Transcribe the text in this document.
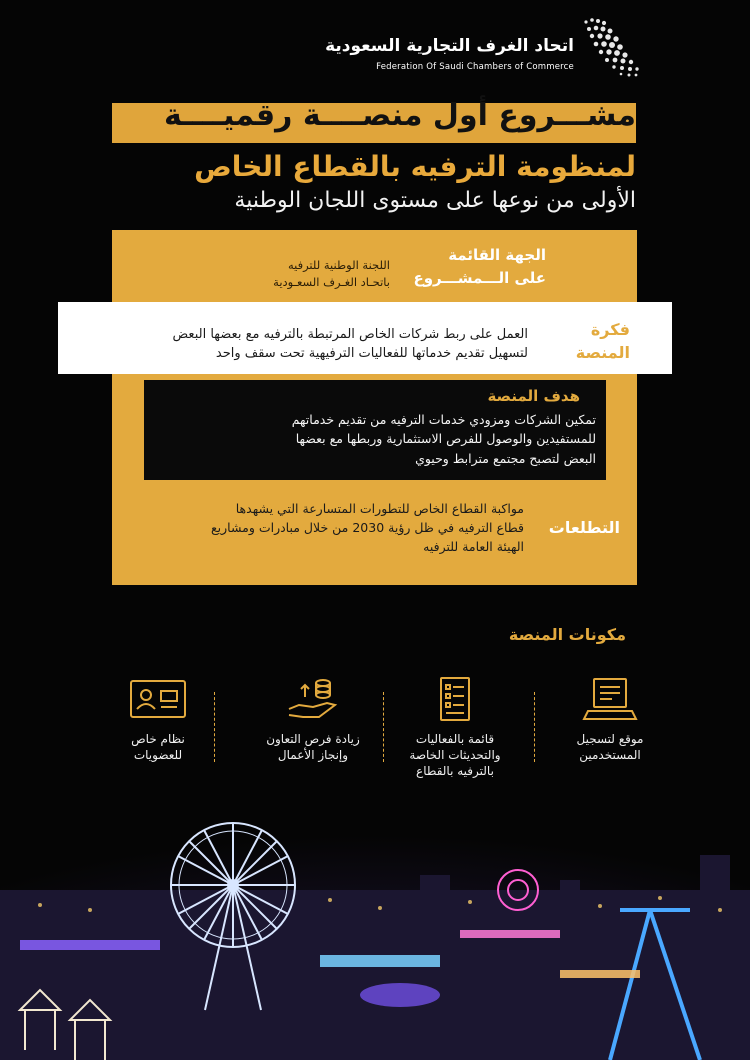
اتحاد الغرف التجارية السعودية
Federation Of Saudi Chambers of Commerce
مشـــروع أول منصــــة رقميــــة
لمنظومة الترفيه بالقطاع الخاص
الأولى من نوعها على مستوى اللجان الوطنية
الجهة القائمة
على الـــمشـــروع
اللجنة الوطنية للترفيه
باتحـاد الغـرف السعـودية
فكرة
المنصة
العمل على ربط شركات الخاص المرتبطة بالترفيه مع بعضها البعض
لتسهيل تقديم خدماتها للفعاليات الترفيهية تحت سقف واحد
هدف المنصة
تمكين الشركات ومزودي خدمات الترفيه من تقديم خدماتهم
للمستفيدين والوصول للفرص الاستثمارية وربطها مع بعضها
البعض لتصبح مجتمع مترابط وحيوي
التطلعات
مواكبة القطاع الخاص للتطورات المتسارعة التي يشهدها
قطاع الترفيه في ظل رؤية 2030 من خلال مبادرات ومشاريع
الهيئة العامة للترفيه
مكونات المنصة
موقع لتسجيل
المستخدمين
قائمة بالفعاليات
والتحديثات الخاصة
بالترفيه بالقطاع
زيادة فرص التعاون
وإنجاز الأعمال
نظام خاص
للعضويات
